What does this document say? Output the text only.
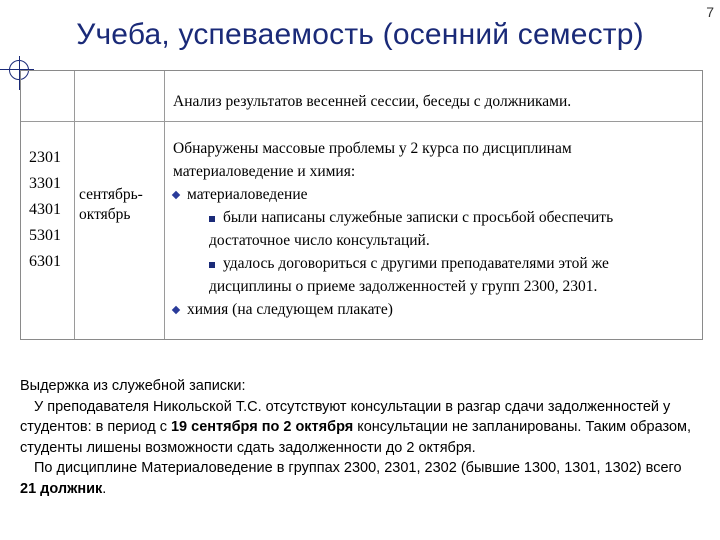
7
Учеба, успеваемость (осенний семестр)
Анализ результатов весенней сессии, беседы с должниками.
2301
3301
4301
5301
6301
сентябрь-
октябрь

Обнаружены массовые проблемы у 2 курса по дисциплинам

материаловедение и химия:

материаловедение

были написаны служебные записки с просьбой обеспечить

достаточное число консультаций.

удалось договориться с другими преподавателями этой же

дисциплины о приеме задолженностей у групп 2300, 2301.

химия (на следующем плакате)

Выдержка из служебной записки:

У преподавателя Никольской Т.С. отсутствуют консультации в разгар сдачи задолженностей у студентов: в период с 19 сентября по 2 октября консультации не запланированы. Таким образом, студенты лишены возможности сдать задолженности до 2 октября.

По дисциплине Материаловедение в группах 2300, 2301, 2302 (бывшие 1300, 1301, 1302) всего 21 должник.
